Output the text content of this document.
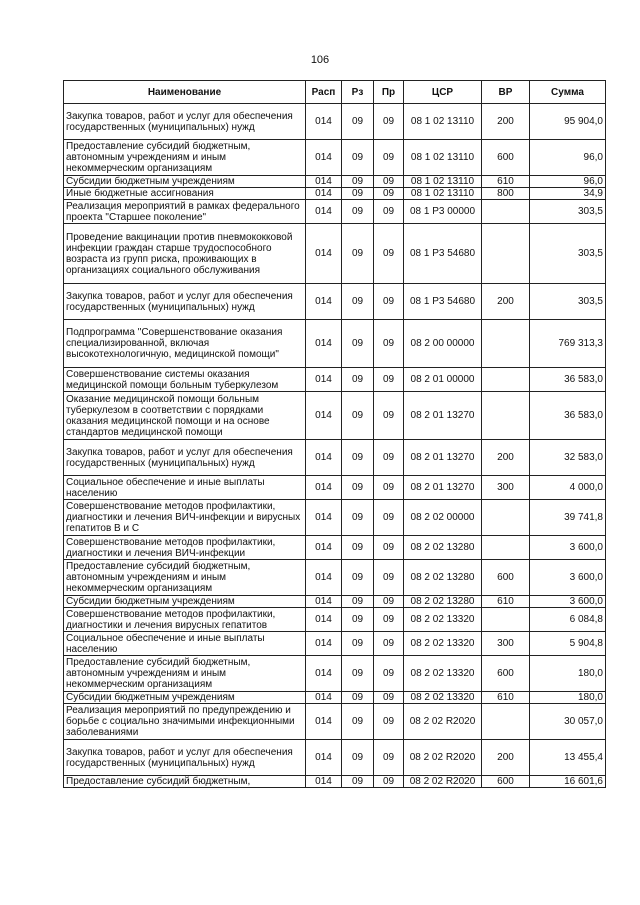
106
Наименование	Расп	Рз	Пр	ЦСР	ВР	Сумма
Закупка товаров, работ и услуг для обеспечения государственных (муниципальных) нужд	014	09	09	08 1 02 13110	200	95 904,0
Предоставление субсидий бюджетным, автономным учреждениям и иным некоммерческим организациям	014	09	09	08 1 02 13110	600	96,0
Субсидии бюджетным учреждениям	014	09	09	08 1 02 13110	610	96,0
Иные бюджетные ассигнования	014	09	09	08 1 02 13110	800	34,9
Реализация мероприятий в рамках федерального проекта "Старшее поколение"	014	09	09	08 1 P3 00000		303,5
Проведение вакцинации против пневмококковой инфекции граждан старше трудоспособного возраста из групп риска, проживающих в организациях социального обслуживания	014	09	09	08 1 P3 54680		303,5
Закупка товаров, работ и услуг для обеспечения государственных (муниципальных) нужд	014	09	09	08 1 P3 54680	200	303,5
Подпрограмма "Совершенствование оказания специализированной, включая высокотехнологичную, медицинской помощи"	014	09	09	08 2 00 00000		769 313,3
Совершенствование системы оказания медицинской помощи больным туберкулезом	014	09	09	08 2 01 00000		36 583,0
Оказание медицинской помощи больным туберкулезом в соответствии с порядками оказания медицинской помощи и на основе стандартов медицинской помощи	014	09	09	08 2 01 13270		36 583,0
Закупка товаров, работ и услуг для обеспечения государственных (муниципальных) нужд	014	09	09	08 2 01 13270	200	32 583,0
Социальное обеспечение и иные выплаты населению	014	09	09	08 2 01 13270	300	4 000,0
Совершенствование методов профилактики, диагностики и лечения ВИЧ-инфекции и вирусных гепатитов В и С	014	09	09	08 2 02 00000		39 741,8
Совершенствование методов профилактики, диагностики и лечения ВИЧ-инфекции	014	09	09	08 2 02 13280		3 600,0
Предоставление субсидий бюджетным, автономным учреждениям и иным некоммерческим организациям	014	09	09	08 2 02 13280	600	3 600,0
Субсидии бюджетным учреждениям	014	09	09	08 2 02 13280	610	3 600,0
Совершенствование методов профилактики, диагностики и лечения вирусных гепатитов	014	09	09	08 2 02 13320		6 084,8
Социальное обеспечение и иные выплаты населению	014	09	09	08 2 02 13320	300	5 904,8
Предоставление субсидий бюджетным, автономным учреждениям и иным некоммерческим организациям	014	09	09	08 2 02 13320	600	180,0
Субсидии бюджетным учреждениям	014	09	09	08 2 02 13320	610	180,0
Реализация мероприятий по предупреждению и борьбе с социально значимыми инфекционными заболеваниями	014	09	09	08 2 02 R2020		30 057,0
Закупка товаров, работ и услуг для обеспечения государственных (муниципальных) нужд	014	09	09	08 2 02 R2020	200	13 455,4
Предоставление субсидий бюджетным,	014	09	09	08 2 02 R2020	600	16 601,6
